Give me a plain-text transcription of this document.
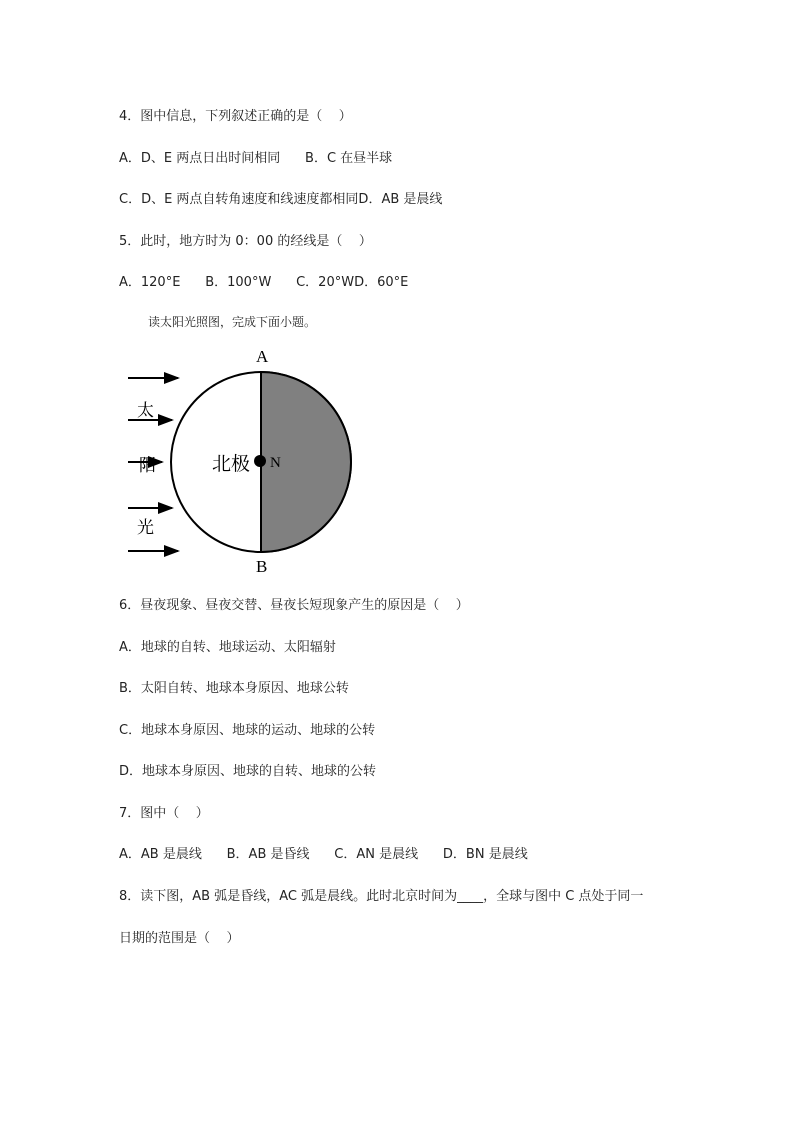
4．图中信息，下列叙述正确的是（    ）
A．D、E 两点日出时间相同      B．C 在昼半球
C．D、E 两点自转角速度和线速度都相同D．AB 是晨线
5．此时，地方时为 0：00 的经线是（    ）
A．120°E      B．100°W      C．20°WD．60°E
读太阳光照图，完成下面小题。
A
B
北极 N
太
阳
光
6．昼夜现象、昼夜交替、昼夜长短现象产生的原因是（    ）
A．地球的自转、地球运动、太阳辐射
B．太阳自转、地球本身原因、地球公转
C．地球本身原因、地球的运动、地球的公转
D．地球本身原因、地球的自转、地球的公转
7．图中（    ）
A．AB 是晨线      B．AB 是昏线      C．AN 是晨线      D．BN 是晨线
8．读下图，AB 弧是昏线，AC 弧是晨线。此时北京时间为____，全球与图中 C 点处于同一
日期的范围是（    ）
